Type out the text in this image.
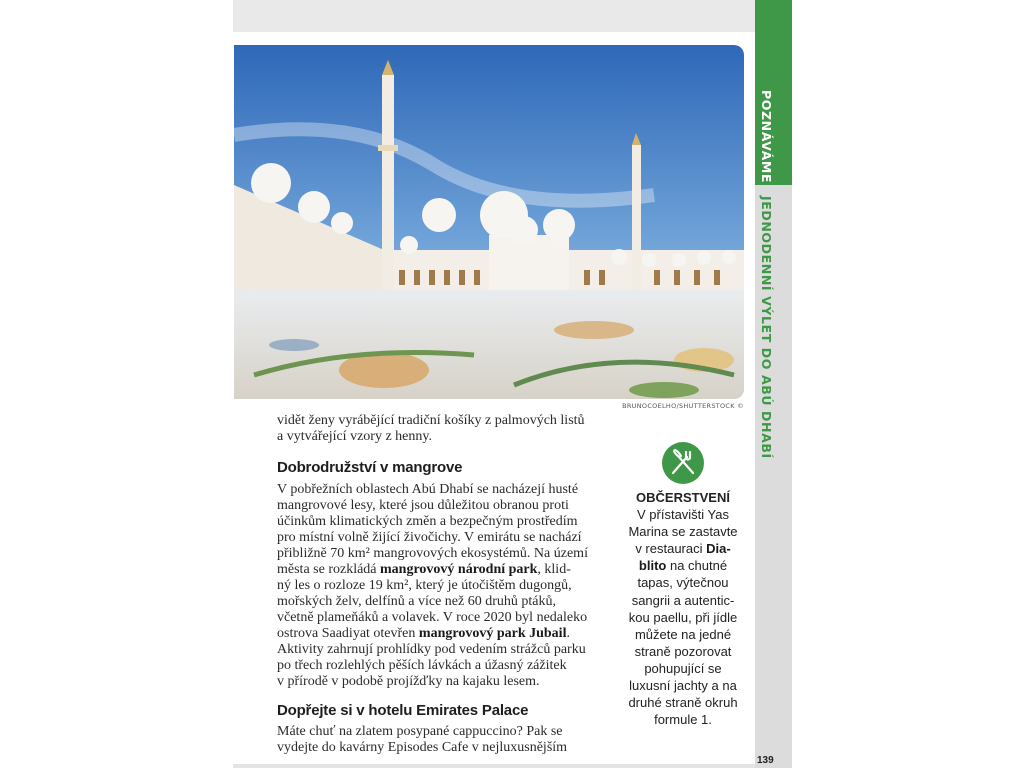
POZNÁVÁME
JEDNODENNÍ VÝLET DO ABÚ DHABÍ
BRUNOCOELHO/SHUTTERSTOCK ©
vidět ženy vyrábějící tradiční košíky z palmových listů
a vytvářející vzory z henny.
Dobrodružství v mangrove
V pobřežních oblastech Abú Dhabí se nacházejí husté
mangrovové lesy, které jsou důležitou obranou proti
účinkům klimatických změn a bezpečným prostředím
pro místní volně žijící živočichy. V emirátu se nachází
přibližně 70 km² mangrovových ekosystémů. Na území
města se rozkládá mangrovový národní park, klid-
ný les o rozloze 19 km², který je útočištěm dugongů,
mořských želv, delfínů a více než 60 druhů ptáků,
včetně plameňáků a volavek. V roce 2020 byl nedaleko
ostrova Saadiyat otevřen mangrovový park Jubail.
Aktivity zahrnují prohlídky pod vedením strážců parku
po třech rozlehlých pěších lávkách a úžasný zážitek
v přírodě v podobě projížďky na kajaku lesem.
Dopřejte si v hotelu Emirates Palace
Máte chuť na zlatem posypané cappuccino? Pak se
vydejte do kavárny Episodes Cafe v nejluxusnějším
OBČERSTVENÍ
V přístavišti Yas
Marina se zastavte
v restauraci Dia-
blito na chutné
tapas, výtečnou
sangrii a autentic-
kou paellu, při jídle
můžete na jedné
straně pozorovat
pohupující se
luxusní jachty a na
druhé straně okruh
formule 1.
139
